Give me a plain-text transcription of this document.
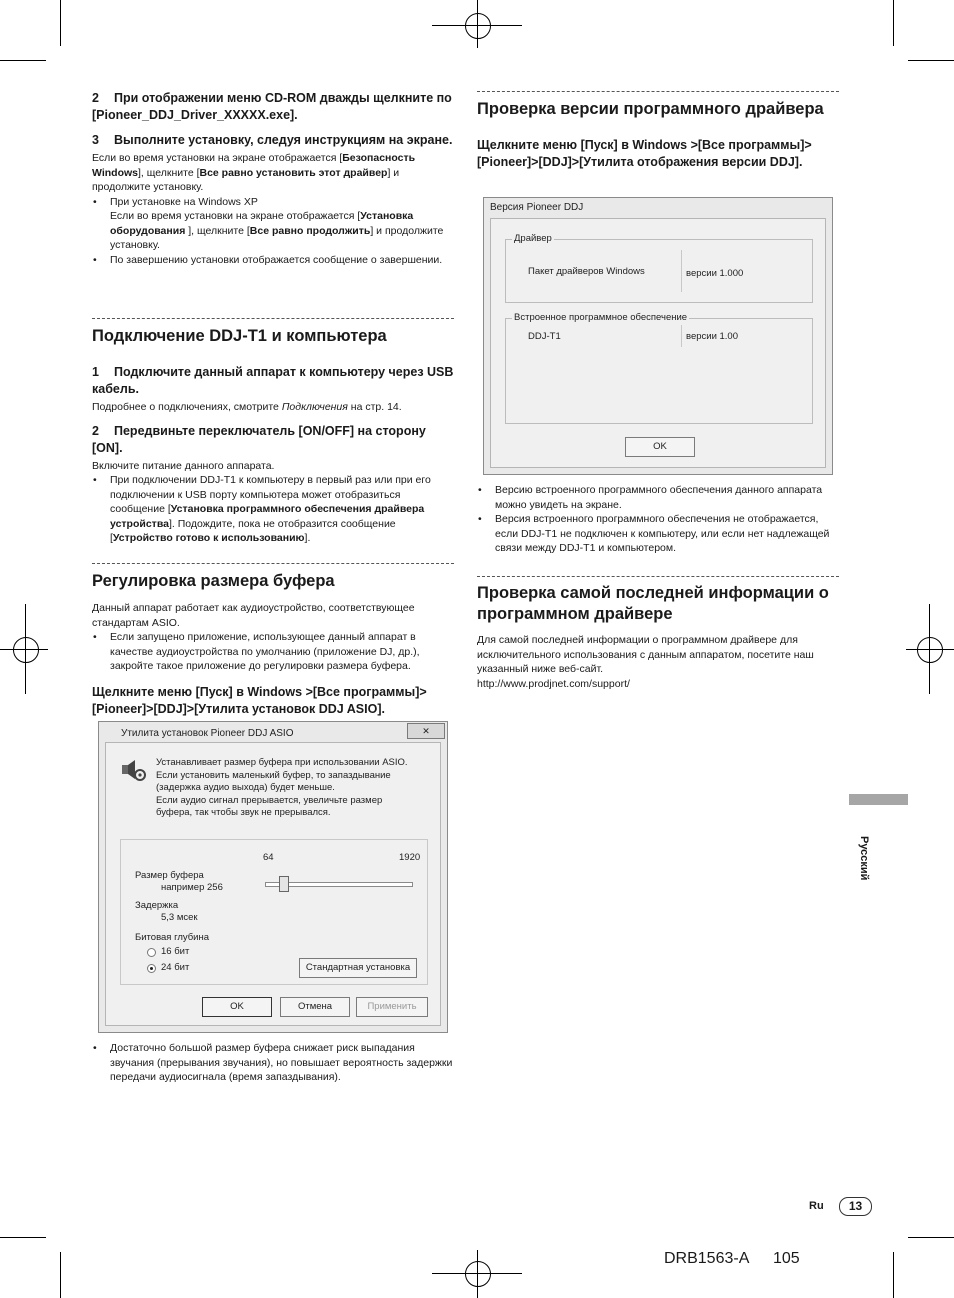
2 При отображении меню CD-ROM дважды щелкните по [Pioneer_DDJ_Driver_XXXXX.exe].
3 Выполните установку, следуя инструкциям на экране.

Если во время установки на экране отображается [Безопасность Windows], щелкните [Все равно установить этот драйвер] и продолжите установку.

• При установке на Windows XP
Если во время установки на экране отображается [Установка оборудования ], щелкните [Все равно продолжить] и продолжите установку.
• По завершению установки отображается сообщение о завершении.
Подключение DDJ-T1 и компьютера
1 Подключите данный аппарат к компьютеру через USB кабель.

Подробнее о подключениях, смотрите Подключения на стр. 14.

2 Передвиньте переключатель [ON/OFF] на сторону [ON].

Включите питание данного аппарата.

• При подключении DDJ-T1 к компьютеру в первый раз или при его подключении к USB порту компьютера может отобразиться сообщение [Установка программного обеспечения драйвера устройства]. Подождите, пока не отобразится сообщение [Устройство готово к использованию].
Регулировка размера буфера

Данный аппарат работает как аудиоустройство, соответствующее стандартам ASIO.

• Если запущено приложение, использующее данный аппарат в качестве аудиоустройства по умолчанию (приложение DJ, др.), закройте такое приложение до регулировки размера буфера.
Щелкните меню [Пуск] в Windows >[Все программы]> [Pioneer]>[DDJ]>[Утилита установок DDJ ASIO].
Утилита установок Pioneer DDJ ASIO	✕
Устанавливает размер буфера при использовании ASIO.
Если установить маленький буфер, то запаздывание
(задержка аудио выхода) будет меньше.
Если аудио сигнал прерывается, увеличьте размер
буфера, так чтобы звук не прерывался.
Размер буфера
например 256
64	1920
Задержка
5,3 мсек
Битовая глубина
16 бит
24 бит	Стандартная установка
OK	Отмена	Применить
• Достаточно большой размер буфера снижает риск выпадания звучания (прерывания звучания), но повышает вероятность задержки передачи аудиосигнала (время запаздывания).
Проверка версии программного драйвера
Щелкните меню [Пуск] в Windows >[Все программы]> [Pioneer]>[DDJ]>[Утилита отображения версии DDJ].
Версия Pioneer DDJ
Драйвер
Пакет драйверов Windows	версии 1.000
Встроенное программное обеспечение
DDJ-T1	версии 1.00
OK
• Версию встроенного программного обеспечения данного аппарата можно увидеть на экране.
• Версия встроенного программного обеспечения не отображается, если DDJ-T1 не подключен к компьютеру, или если нет надлежащей связи между DDJ-T1 и компьютером.
Проверка самой последней информации о программном драйвере

Для самой последней информации о программном драйвере для исключительного использования с данным аппаратом, посетите наш указанный ниже веб-сайт.

http://www.prodjnet.com/support/

Русский
Ru	13
DRB1563-A 105
